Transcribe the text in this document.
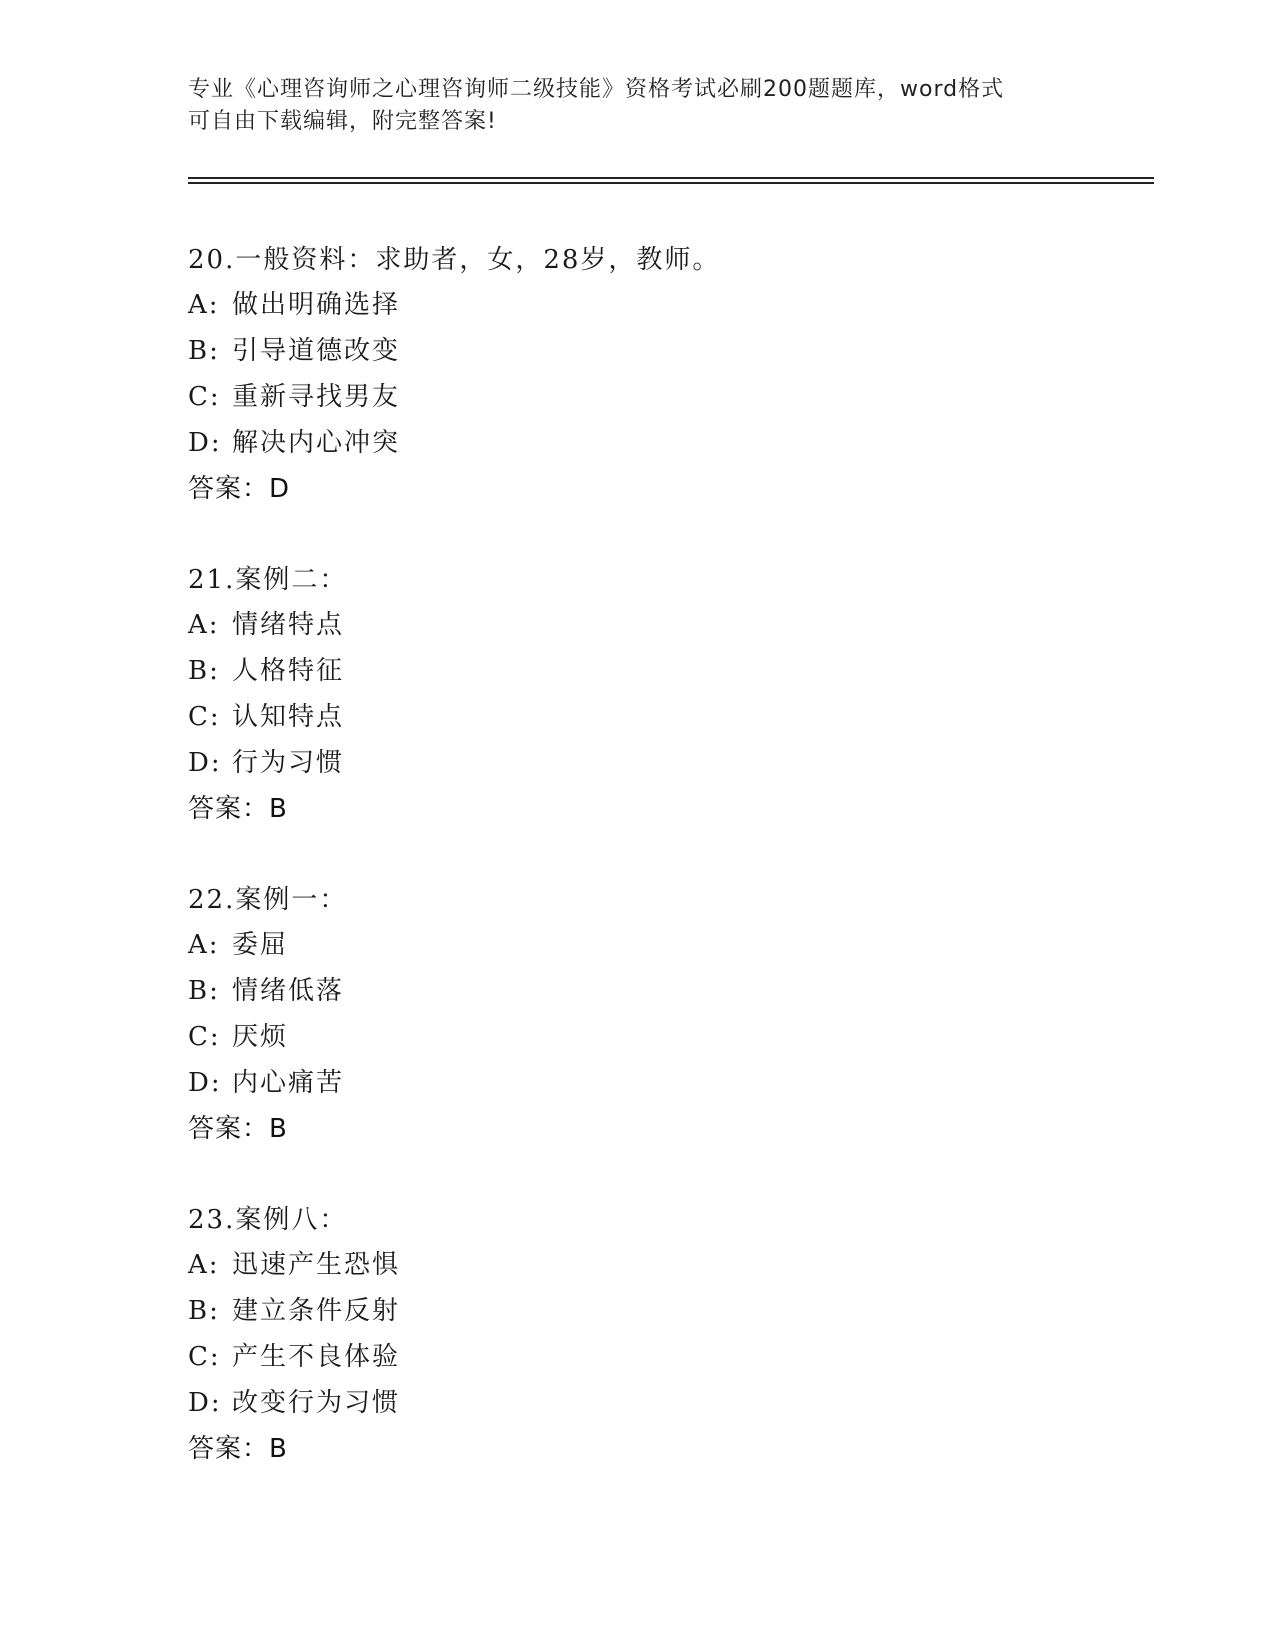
专业《心理咨询师之心理咨询师二级技能》资格考试必刷200题题库，word格式
可自由下载编辑，附完整答案!
20.一般资料：求助者，女，28岁，教师。
A: 做出明确选择
B: 引导道德改变
C: 重新寻找男友
D: 解决内心冲突
答案：D
21.案例二：
A: 情绪特点
B: 人格特征
C: 认知特点
D: 行为习惯
答案：B
22.案例一：
A: 委屈
B: 情绪低落
C: 厌烦
D: 内心痛苦
答案：B
23.案例八：
A: 迅速产生恐惧
B: 建立条件反射
C: 产生不良体验
D: 改变行为习惯
答案：B
